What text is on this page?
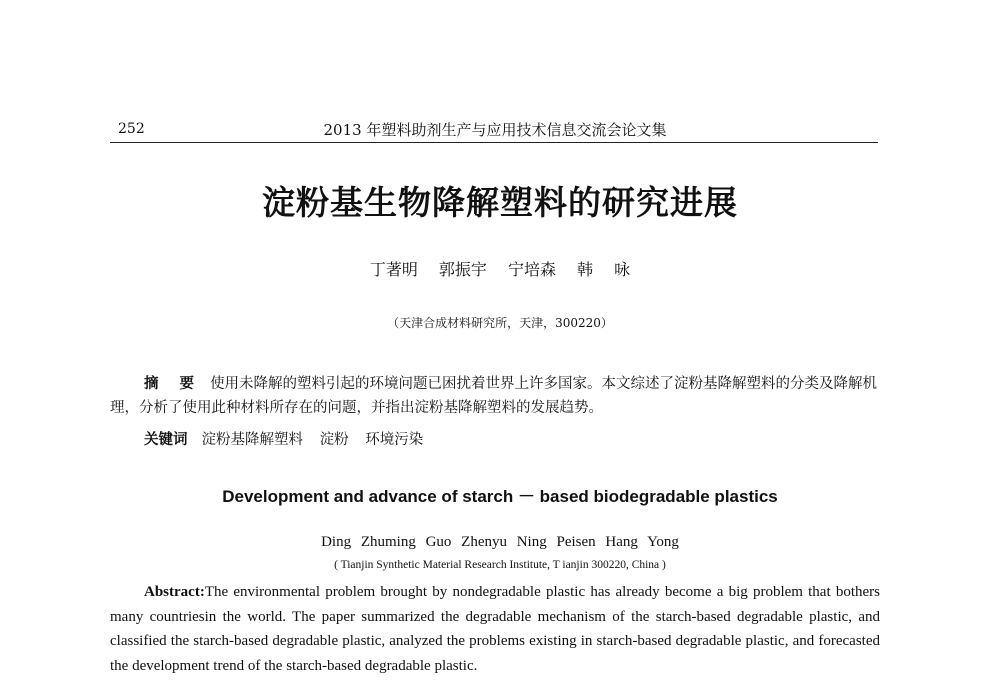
252	2013 年塑料助剂生产与应用技术信息交流会论文集
淀粉基生物降解塑料的研究进展
丁著明 郭振宇 宁培森 韩 咏
（天津合成材料研究所，天津，300220）
摘 要 使用未降解的塑料引起的环境问题已困扰着世界上许多国家。本文综述了淀粉基降解塑料的分类及降解机理，分析了使用此种材料所存在的问题，并指出淀粉基降解塑料的发展趋势。
关键词 淀粉基降解塑料 淀粉 环境污染
Development and advance of starch － based biodegradable plastics
Ding Zhuming Guo Zhenyu Ning Peisen Hang Yong
( Tianjin Synthetic Material Research Institute, T ianjin 300220, China )
Abstract:The environmental problem brought by nondegradable plastic has already become a big problem that bothers many countriesin the world. The paper summarized the degradable mechanism of the starch-based degradable plastic, and classified the starch-based degradable plastic, analyzed the problems existing in starch-based degradable plastic, and forecasted the development trend of the starch-based degradable plastic.
